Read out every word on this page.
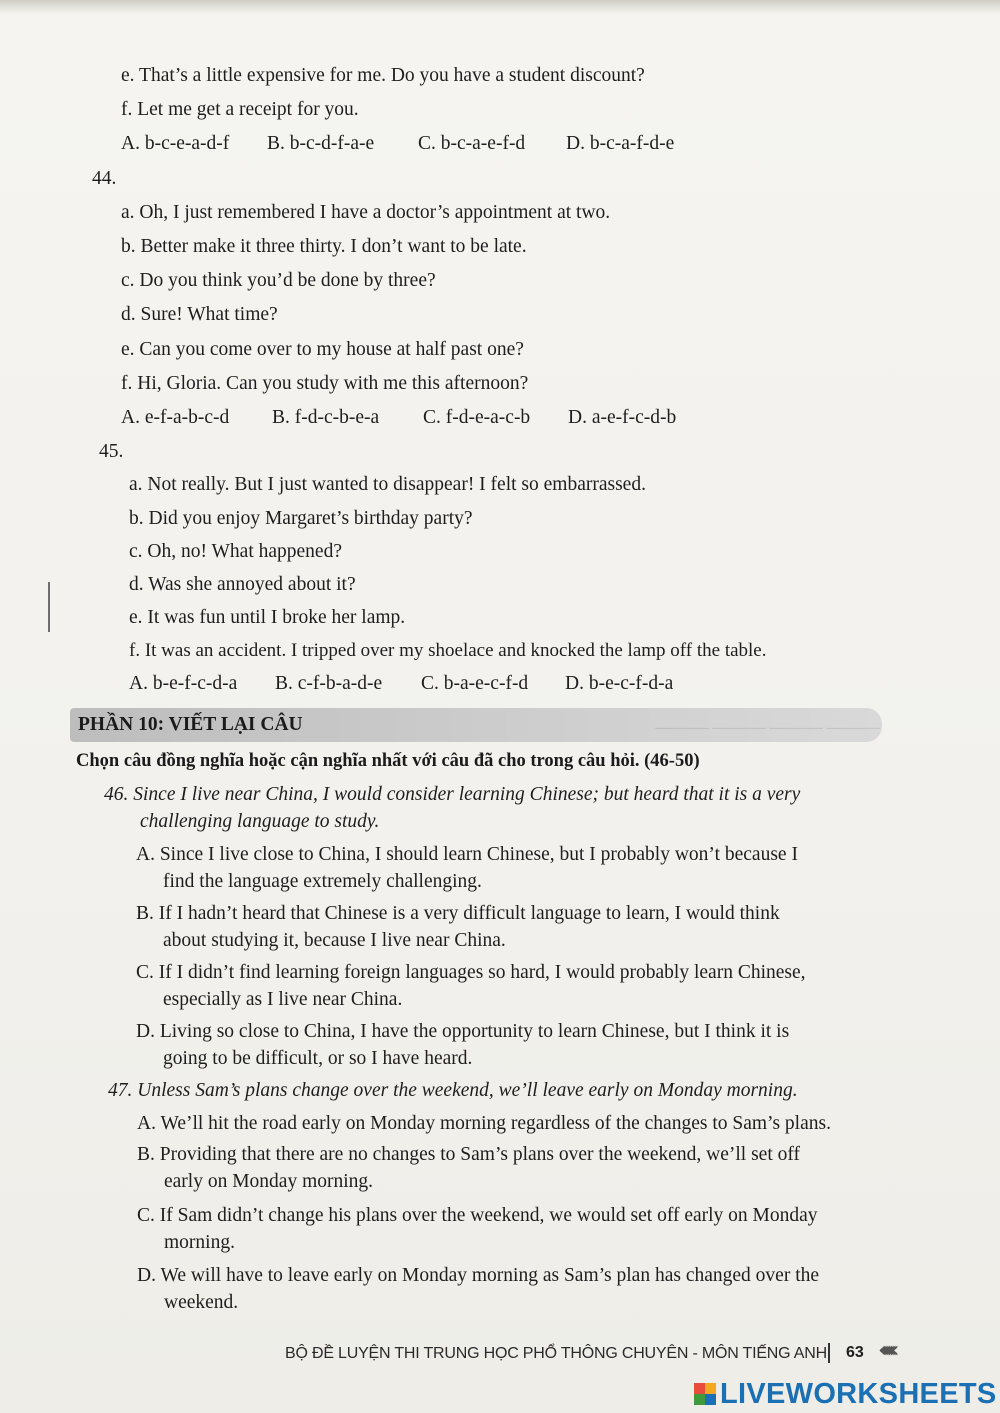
e. That’s a little expensive for me. Do you have a student discount?
f. Let me get a receipt for you.
A. b-c-e-a-d-f B. b-c-d-f-a-e C. b-c-a-e-f-d D. b-c-a-f-d-e
44.
a. Oh, I just remembered I have a doctor’s appointment at two.
b. Better make it three thirty. I don’t want to be late.
c. Do you think you’d be done by three?
d. Sure! What time?
e. Can you come over to my house at half past one?
f. Hi, Gloria. Can you study with me this afternoon?
A. e-f-a-b-c-d B. f-d-c-b-e-a C. f-d-e-a-c-b D. a-e-f-c-d-b
45.
a. Not really. But I just wanted to disappear! I felt so embarrassed.
b. Did you enjoy Margaret’s birthday party?
c. Oh, no! What happened?
d. Was she annoyed about it?
e. It was fun until I broke her lamp.
f. It was an accident. I tripped over my shoelace and knocked the lamp off the table.
A. b-e-f-c-d-a B. c-f-b-a-d-e C. b-a-e-c-f-d D. b-e-c-f-d-a
———— ———— ———— ————
PHẦN 10: VIẾT LẠI CÂU
Chọn câu đồng nghĩa hoặc cận nghĩa nhất với câu đã cho trong câu hỏi. (46-50)
46. Since I live near China, I would consider learning Chinese; but heard that it is a very
challenging language to study.
A. Since I live close to China, I should learn Chinese, but I probably won’t because I
find the language extremely challenging.
B. If I hadn’t heard that Chinese is a very difficult language to learn, I would think
about studying it, because I live near China.
C. If I didn’t find learning foreign languages so hard, I would probably learn Chinese,
especially as I live near China.
D. Living so close to China, I have the opportunity to learn Chinese, but I think it is
going to be difficult, or so I have heard.
47. Unless Sam’s plans change over the weekend, we’ll leave early on Monday morning.
A. We’ll hit the road early on Monday morning regardless of the changes to Sam’s plans.
B. Providing that there are no changes to Sam’s plans over the weekend, we’ll set off
early on Monday morning.
C. If Sam didn’t change his plans over the weekend, we would set off early on Monday
morning.
D. We will have to leave early on Monday morning as Sam’s plan has changed over the
weekend.
BỘ ĐỀ LUYỆN THI TRUNG HỌC PHỔ THÔNG CHUYÊN - MÔN TIẾNG ANH 63 ‹‹‹‹‹‹‹‹
LIVEWORKSHEETS
